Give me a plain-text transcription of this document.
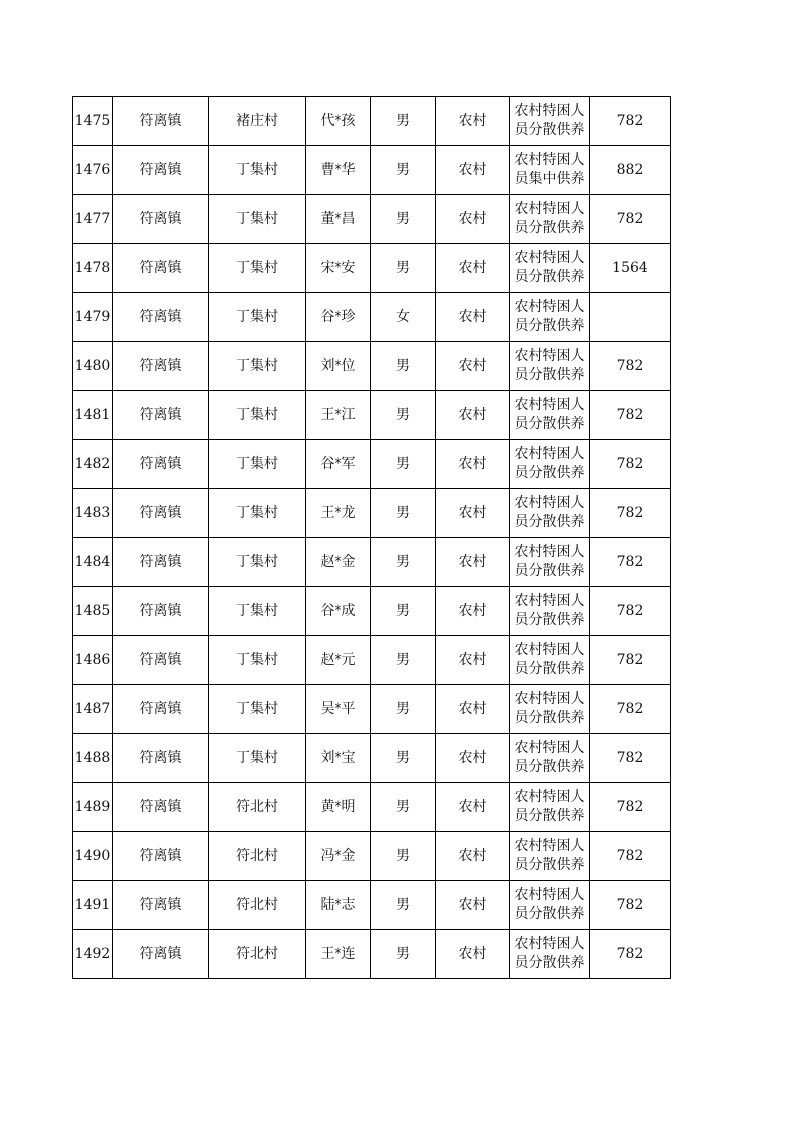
1475	符离镇	褚庄村	代*孩	男	农村	农村特困人
员分散供养	782
1476	符离镇	丁集村	曹*华	男	农村	农村特困人
员集中供养	882
1477	符离镇	丁集村	董*昌	男	农村	农村特困人
员分散供养	782
1478	符离镇	丁集村	宋*安	男	农村	农村特困人
员分散供养	1564
1479	符离镇	丁集村	谷*珍	女	农村	农村特困人
员分散供养	

1480	符离镇	丁集村	刘*位	男	农村	农村特困人
员分散供养	782
1481	符离镇	丁集村	王*江	男	农村	农村特困人
员分散供养	782
1482	符离镇	丁集村	谷*军	男	农村	农村特困人
员分散供养	782
1483	符离镇	丁集村	王*龙	男	农村	农村特困人
员分散供养	782
1484	符离镇	丁集村	赵*金	男	农村	农村特困人
员分散供养	782
1485	符离镇	丁集村	谷*成	男	农村	农村特困人
员分散供养	782
1486	符离镇	丁集村	赵*元	男	农村	农村特困人
员分散供养	782
1487	符离镇	丁集村	吴*平	男	农村	农村特困人
员分散供养	782
1488	符离镇	丁集村	刘*宝	男	农村	农村特困人
员分散供养	782
1489	符离镇	符北村	黄*明	男	农村	农村特困人
员分散供养	782
1490	符离镇	符北村	冯*金	男	农村	农村特困人
员分散供养	782
1491	符离镇	符北村	陆*志	男	农村	农村特困人
员分散供养	782
1492	符离镇	符北村	王*连	男	农村	农村特困人
员分散供养	782
